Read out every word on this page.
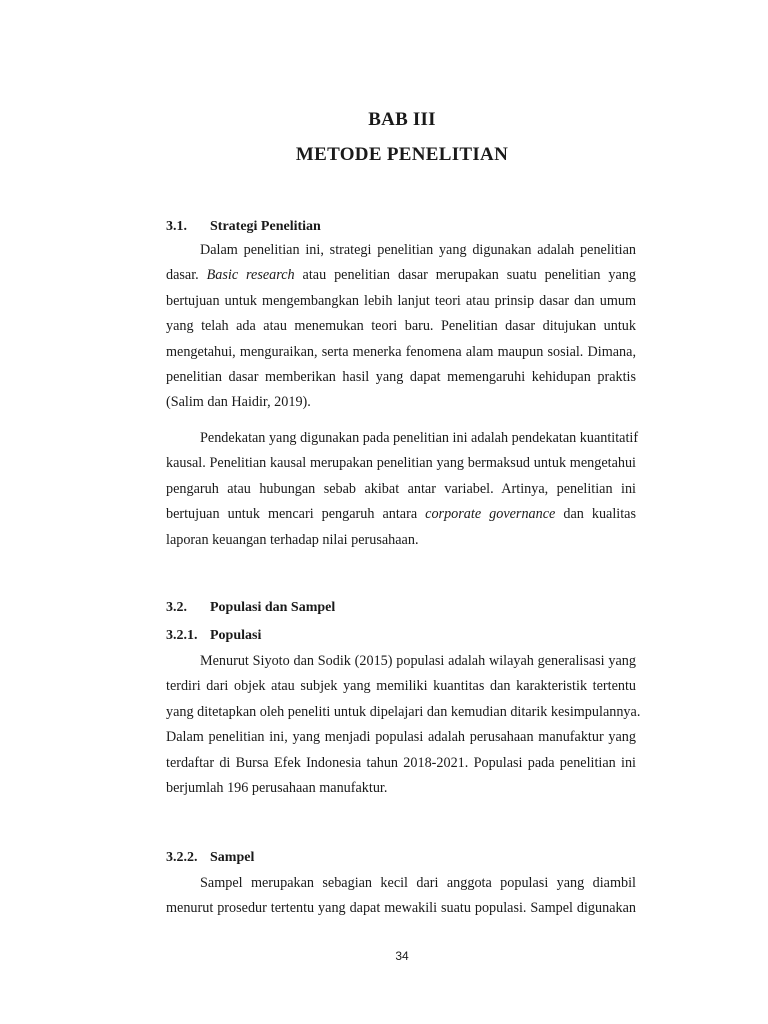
BAB III
METODE PENELITIAN
3.1. Strategi Penelitian
Dalam penelitian ini, strategi penelitian yang digunakan adalah penelitian
dasar. Basic research atau penelitian dasar merupakan suatu penelitian yang
bertujuan untuk mengembangkan lebih lanjut teori atau prinsip dasar dan umum
yang telah ada atau menemukan teori baru. Penelitian dasar ditujukan untuk
mengetahui, menguraikan, serta menerka fenomena alam maupun sosial. Dimana,
penelitian dasar memberikan hasil yang dapat memengaruhi kehidupan praktis
(Salim dan Haidir, 2019).
Pendekatan yang digunakan pada penelitian ini adalah pendekatan kuantitatif
kausal. Penelitian kausal merupakan penelitian yang bermaksud untuk mengetahui
pengaruh atau hubungan sebab akibat antar variabel. Artinya, penelitian ini
bertujuan untuk mencari pengaruh antara corporate governance dan kualitas
laporan keuangan terhadap nilai perusahaan.
3.2. Populasi dan Sampel
3.2.1. Populasi
Menurut Siyoto dan Sodik (2015) populasi adalah wilayah generalisasi yang
terdiri dari objek atau subjek yang memiliki kuantitas dan karakteristik tertentu
yang ditetapkan oleh peneliti untuk dipelajari dan kemudian ditarik kesimpulannya.
Dalam penelitian ini, yang menjadi populasi adalah perusahaan manufaktur yang
terdaftar di Bursa Efek Indonesia tahun 2018-2021. Populasi pada penelitian ini
berjumlah 196 perusahaan manufaktur.
3.2.2. Sampel
Sampel merupakan sebagian kecil dari anggota populasi yang diambil
menurut prosedur tertentu yang dapat mewakili suatu populasi. Sampel digunakan
34
